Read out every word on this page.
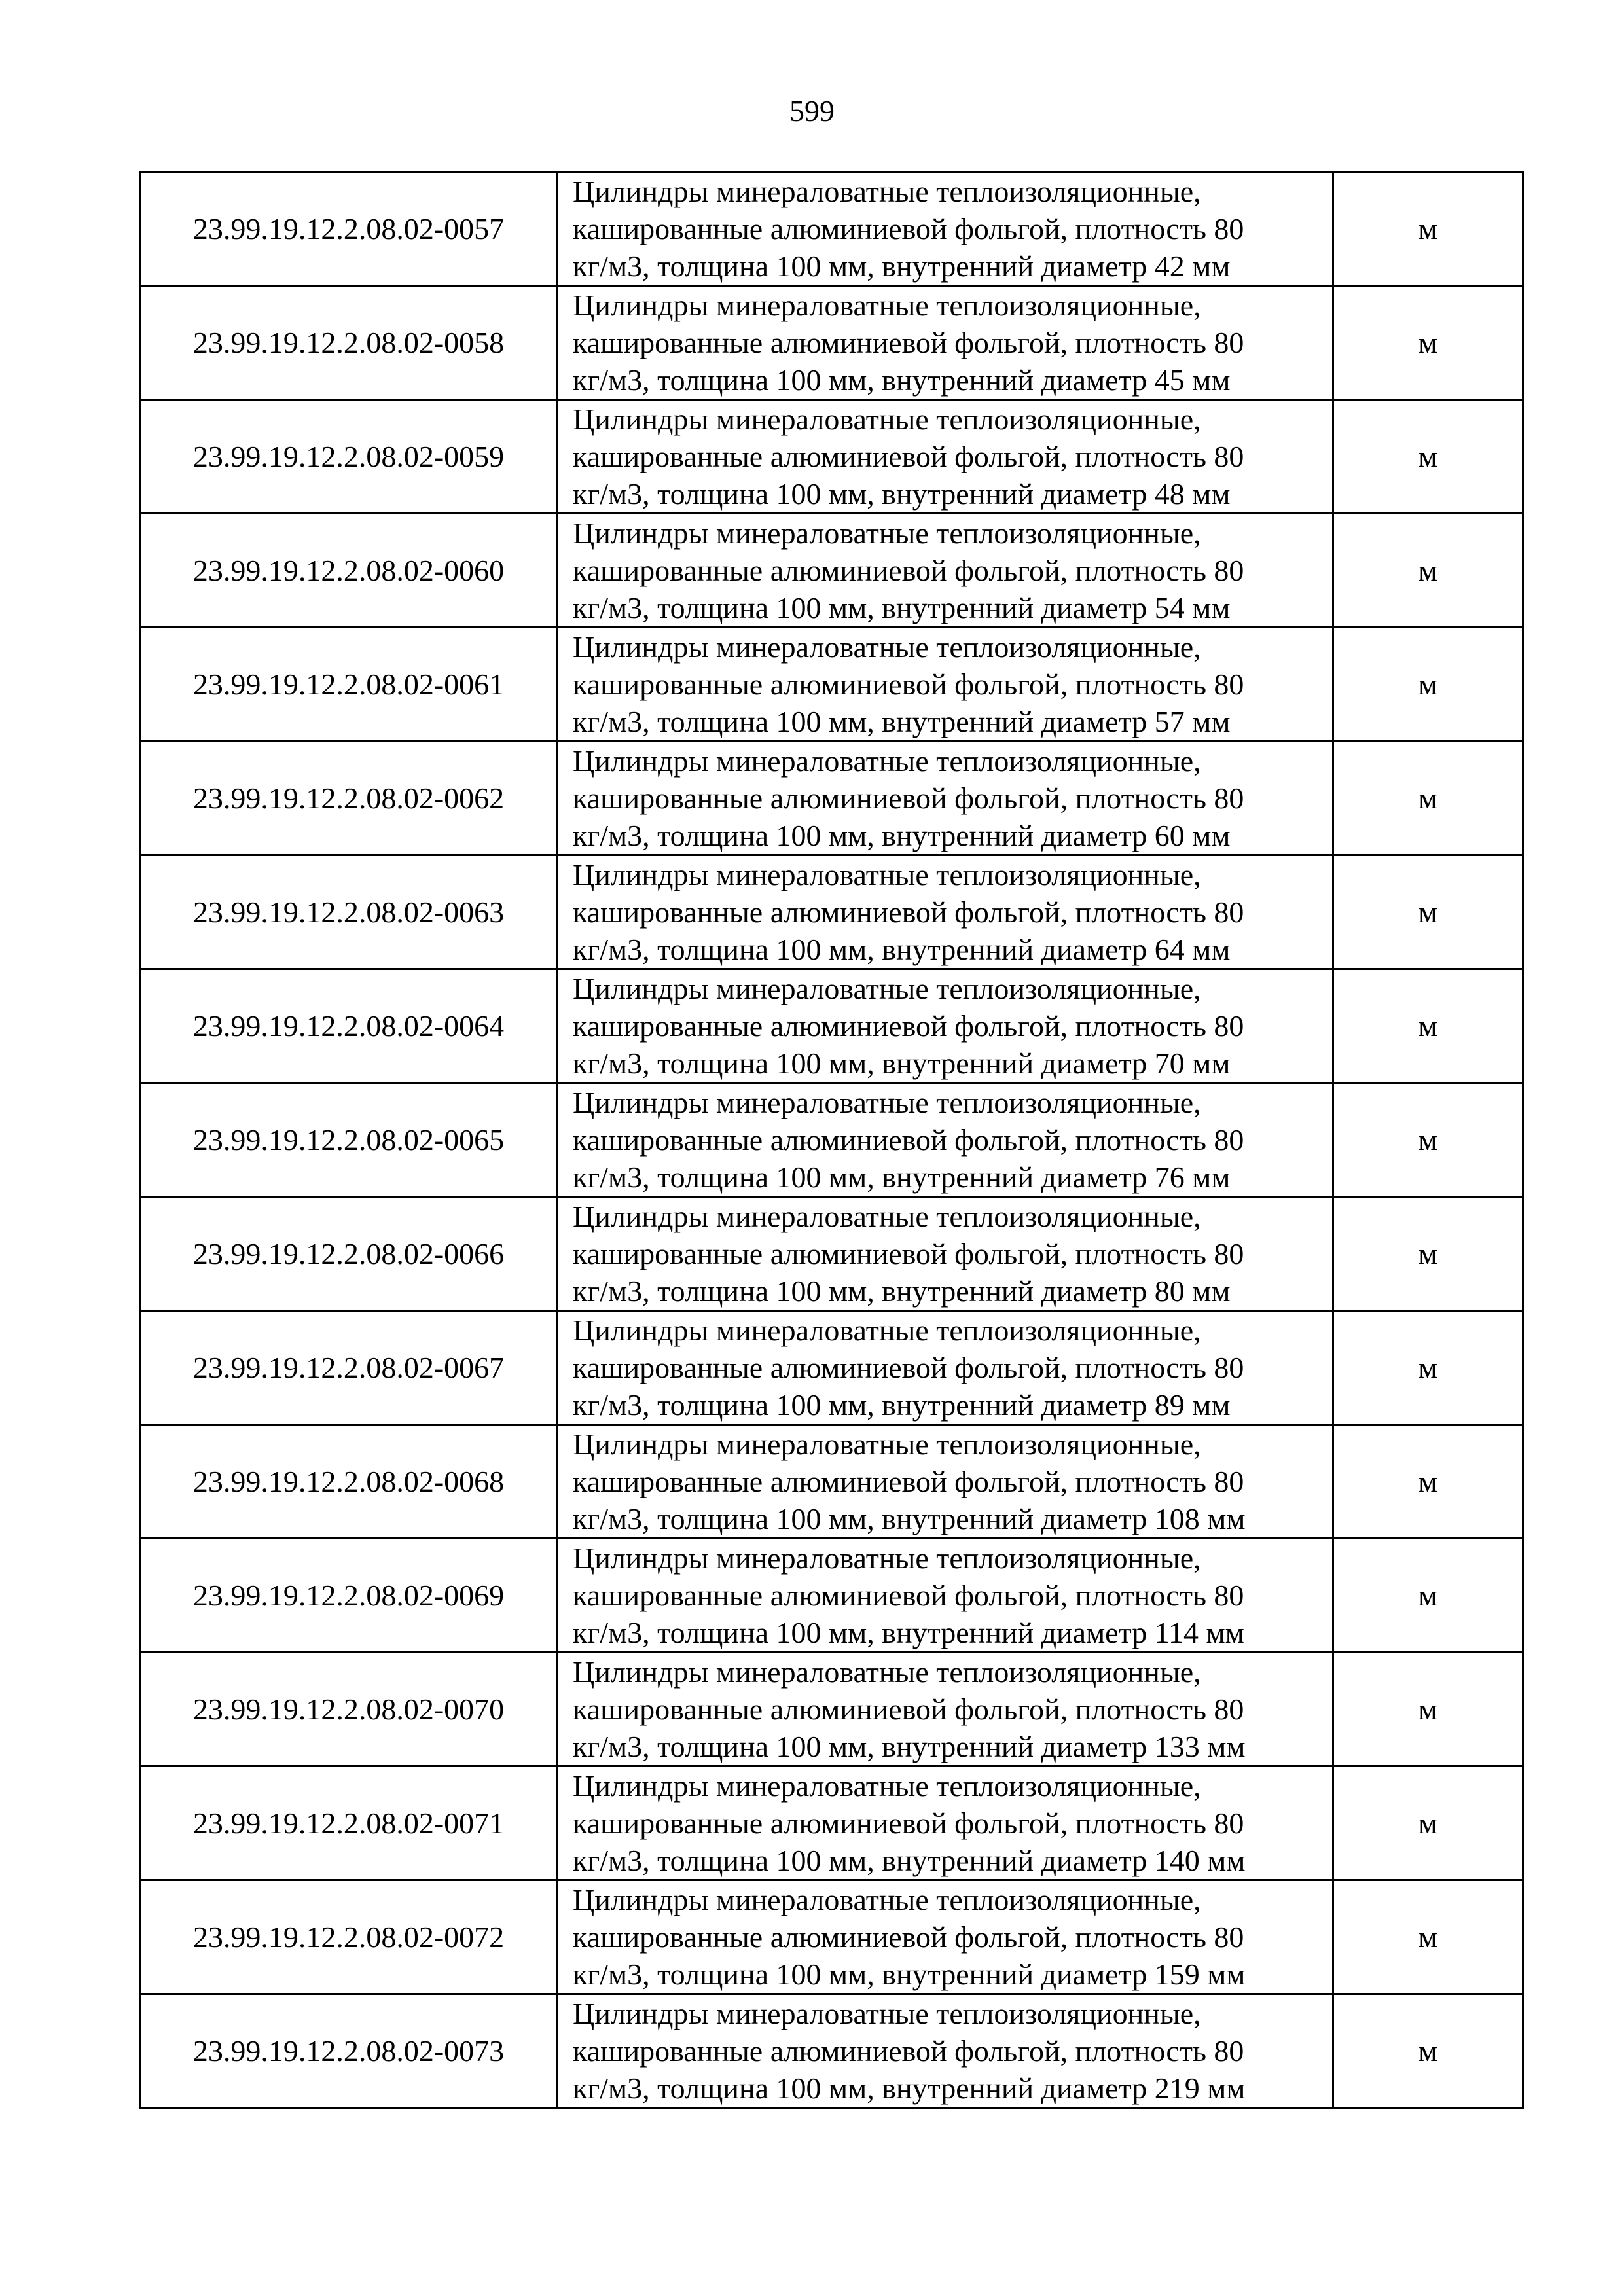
599
23.99.19.12.2.08.02-0057	Цилиндры минераловатные теплоизоляционные,
кашированные алюминиевой фольгой, плотность 80
кг/м3, толщина 100 мм, внутренний диаметр 42 мм	м
23.99.19.12.2.08.02-0058	Цилиндры минераловатные теплоизоляционные,
кашированные алюминиевой фольгой, плотность 80
кг/м3, толщина 100 мм, внутренний диаметр 45 мм	м
23.99.19.12.2.08.02-0059	Цилиндры минераловатные теплоизоляционные,
кашированные алюминиевой фольгой, плотность 80
кг/м3, толщина 100 мм, внутренний диаметр 48 мм	м
23.99.19.12.2.08.02-0060	Цилиндры минераловатные теплоизоляционные,
кашированные алюминиевой фольгой, плотность 80
кг/м3, толщина 100 мм, внутренний диаметр 54 мм	м
23.99.19.12.2.08.02-0061	Цилиндры минераловатные теплоизоляционные,
кашированные алюминиевой фольгой, плотность 80
кг/м3, толщина 100 мм, внутренний диаметр 57 мм	м
23.99.19.12.2.08.02-0062	Цилиндры минераловатные теплоизоляционные,
кашированные алюминиевой фольгой, плотность 80
кг/м3, толщина 100 мм, внутренний диаметр 60 мм	м
23.99.19.12.2.08.02-0063	Цилиндры минераловатные теплоизоляционные,
кашированные алюминиевой фольгой, плотность 80
кг/м3, толщина 100 мм, внутренний диаметр 64 мм	м
23.99.19.12.2.08.02-0064	Цилиндры минераловатные теплоизоляционные,
кашированные алюминиевой фольгой, плотность 80
кг/м3, толщина 100 мм, внутренний диаметр 70 мм	м
23.99.19.12.2.08.02-0065	Цилиндры минераловатные теплоизоляционные,
кашированные алюминиевой фольгой, плотность 80
кг/м3, толщина 100 мм, внутренний диаметр 76 мм	м
23.99.19.12.2.08.02-0066	Цилиндры минераловатные теплоизоляционные,
кашированные алюминиевой фольгой, плотность 80
кг/м3, толщина 100 мм, внутренний диаметр 80 мм	м
23.99.19.12.2.08.02-0067	Цилиндры минераловатные теплоизоляционные,
кашированные алюминиевой фольгой, плотность 80
кг/м3, толщина 100 мм, внутренний диаметр 89 мм	м
23.99.19.12.2.08.02-0068	Цилиндры минераловатные теплоизоляционные,
кашированные алюминиевой фольгой, плотность 80
кг/м3, толщина 100 мм, внутренний диаметр 108 мм	м
23.99.19.12.2.08.02-0069	Цилиндры минераловатные теплоизоляционные,
кашированные алюминиевой фольгой, плотность 80
кг/м3, толщина 100 мм, внутренний диаметр 114 мм	м
23.99.19.12.2.08.02-0070	Цилиндры минераловатные теплоизоляционные,
кашированные алюминиевой фольгой, плотность 80
кг/м3, толщина 100 мм, внутренний диаметр 133 мм	м
23.99.19.12.2.08.02-0071	Цилиндры минераловатные теплоизоляционные,
кашированные алюминиевой фольгой, плотность 80
кг/м3, толщина 100 мм, внутренний диаметр 140 мм	м
23.99.19.12.2.08.02-0072	Цилиндры минераловатные теплоизоляционные,
кашированные алюминиевой фольгой, плотность 80
кг/м3, толщина 100 мм, внутренний диаметр 159 мм	м
23.99.19.12.2.08.02-0073	Цилиндры минераловатные теплоизоляционные,
кашированные алюминиевой фольгой, плотность 80
кг/м3, толщина 100 мм, внутренний диаметр 219 мм	м
